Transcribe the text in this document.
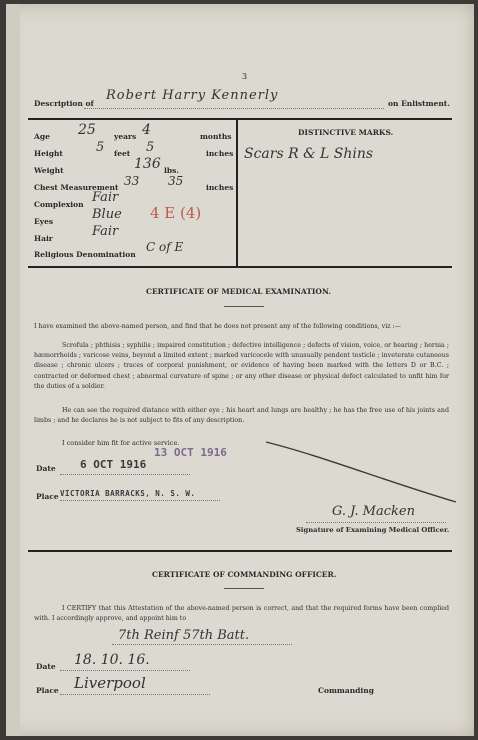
3
Description of
Robert Harry Kennerly
on Enlistment.
Age 25 years 4	months
Height	5 feet 5	inches
Weight	136 lbs.
Chest Measurement 33 35	inches
Complexion Fair
Eyes	Blue 4 E (4)
Hair	Fair
Religious Denomination
C of E
DISTINCTIVE MARKS.
Scars R & L Shins
CERTIFICATE OF MEDICAL EXAMINATION.
I have examined the above-named person, and find that he does not present any of the following conditions, viz :—
Scrofula ; phthisis ; syphilis ; impaired constitution ; defective intelligence ; defects of vision, voice, or hearing ; hernia ; hæmorrhoids ; varicose veins, beyond a limited extent ; marked varicocele with unusually pendent testicle ; inveterate cutaneous disease ; chronic ulcers ; traces of corporal punishment, or evidence of having been marked with the letters D or B.C. ; contracted or deformed chest ; abnormal curvature of spine ; or any other disease or physical defect calculated to unfit him for the duties of a soldier.
He can see the required distance with either eye ; his heart and lungs are healthy ; he has the free use of his joints and limbs ; and he declares he is not subject to fits of any description.
I consider him fit for active service.
Date 6 OCT 1916
13 OCT 1916
Place VICTORIA BARRACKS, N. S. W.
G. J. Macken
Signature of Examining Medical Officer.
CERTIFICATE OF COMMANDING OFFICER.
I CERTIFY that this Attestation of the above-named person is correct, and that the required forms have been complied with. I accordingly approve, and appoint him to
7th Reinf 57th Batt.
Date 18. 10. 16.
Place Liverpool	Commanding
